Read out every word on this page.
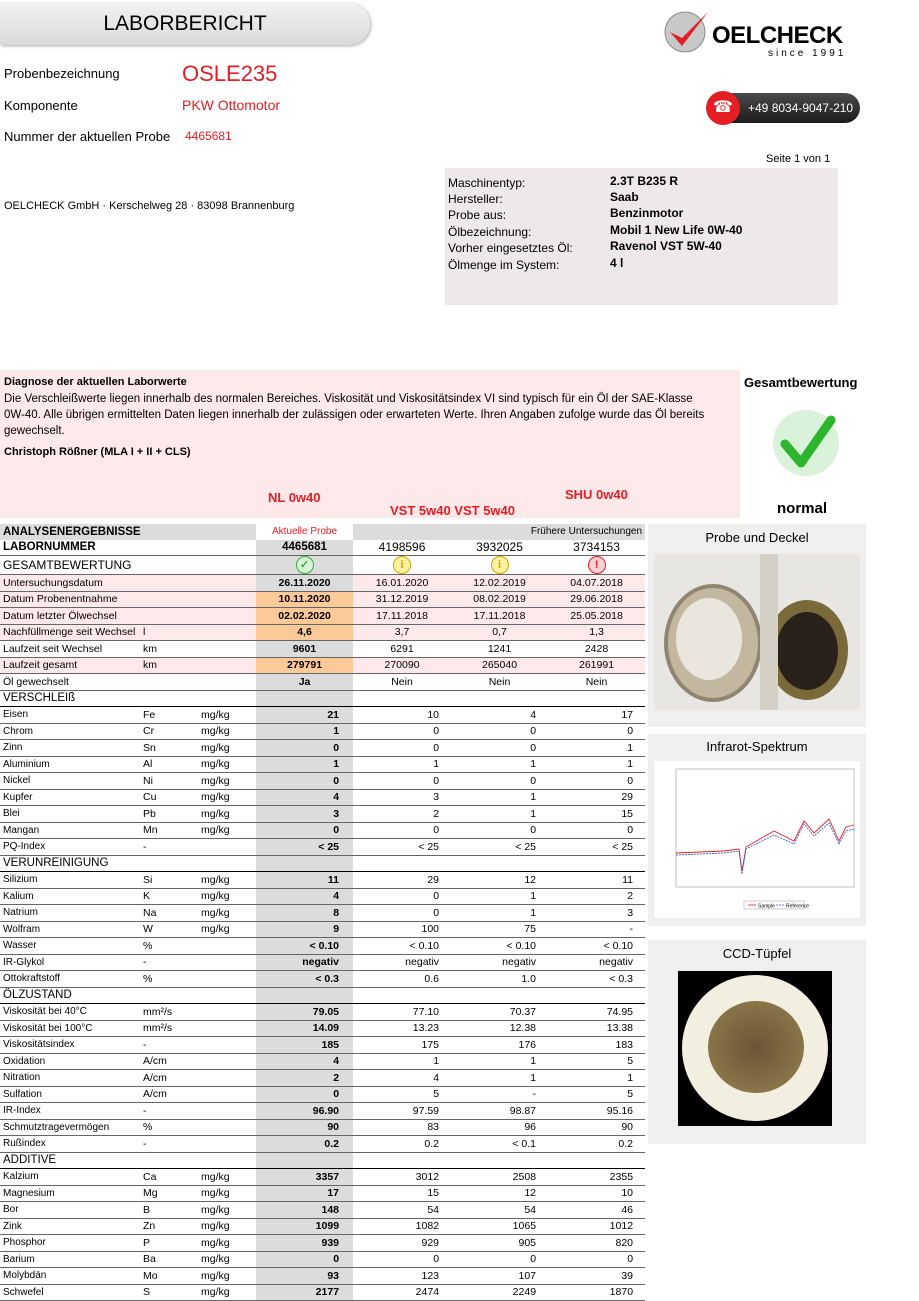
LABORBERICHT	OELCHECK
since 1991
☎	+49 8034-9047-210
Probenbezeichnung	OSLE235
Komponente	PKW Ottomotor
Nummer der aktuellen Probe 4465681
Seite 1 von 1
OELCHECK GmbH · Kerschelweg 28 · 83098 Brannenburg
Maschinentyp:	2.3T B235 R
Hersteller:	Saab
Probe aus:	Benzinmotor
Ölbezeichnung:	Mobil 1 New Life 0W-40
Vorher eingesetztes Öl:	Ravenol VST 5W-40
Ölmenge im System:	4 l
Diagnose der aktuellen Laborwerte
Die Verschleißwerte liegen innerhalb des normalen Bereiches. Viskosität und Viskositätsindex VI sind typisch für ein Öl der SAE-Klasse 0W-40. Alle übrigen ermittelten Daten liegen innerhalb der zulässigen oder erwarteten Werte. Ihren Angaben zufolge wurde das Öl bereits gewechselt.
Christoph Rößner (MLA I + II + CLS)
NL 0w40
VST 5w40 VST 5w40
SHU 0w40
Gesamtbewertung
normal
ANALYSENERGEBNISSE			Aktuelle Probe	Frühere Untersuchungen		
LABORNUMMER			4465681	4198596	3932025	3734153
GESAMTBEWERTUNG			✓	i	i	!
Untersuchungsdatum			26.11.2020	16.01.2020	12.02.2019	04.07.2018
Datum Probenentnahme			10.11.2020	31.12.2019	08.02.2019	29.06.2018
Datum letzter Ölwechsel			02.02.2020	17.11.2018	17.11.2018	25.05.2018
Nachfüllmenge seit Wechsel	l		4,6	3,7	0,7	1,3
Laufzeit seit Wechsel	km		9601	6291	1241	2428
Laufzeit gesamt	km		279791	270090	265040	261991
Öl gewechselt			Ja	Nein	Nein	Nein
VERSCHLEIß						
Eisen	Fe	mg/kg	21	10	4	17
Chrom	Cr	mg/kg	1	0	0	0
Zinn	Sn	mg/kg	0	0	0	1
Aluminium	Al	mg/kg	1	1	1	1
Nickel	Ni	mg/kg	0	0	0	0
Kupfer	Cu	mg/kg	4	3	1	29
Blei	Pb	mg/kg	3	2	1	15
Mangan	Mn	mg/kg	0	0	0	0
PQ-Index	-		< 25	< 25	< 25	< 25
VERUNREINIGUNG						
Silizium	Si	mg/kg	11	29	12	11
Kalium	K	mg/kg	4	0	1	2
Natrium	Na	mg/kg	8	0	1	3
Wolfram	W	mg/kg	9	100	75	-
Wasser	%		< 0.10	< 0.10	< 0.10	< 0.10
IR-Glykol	-		negativ	negativ	negativ	negativ
Ottokraftstoff	%		< 0.3	0.6	1.0	< 0.3
ÖLZUSTAND						
Viskosität bei 40°C	mm²/s		79.05	77.10	70.37	74.95
Viskosität bei 100°C	mm²/s		14.09	13.23	12.38	13.38
Viskositätsindex	-		185	175	176	183
Oxidation	A/cm		4	1	1	5
Nitration	A/cm		2	4	1	1
Sulfation	A/cm		0	5	-	5
IR-Index	-		96.90	97.59	98.87	95.16
Schmutztragevermögen	%		90	83	96	90
Rußindex	-		0.2	0.2	< 0.1	0.2
ADDITIVE						
Kalzium	Ca	mg/kg	3357	3012	2508	2355
Magnesium	Mg	mg/kg	17	15	12	10
Bor	B	mg/kg	148	54	54	46
Zink	Zn	mg/kg	1099	1082	1065	1012
Phosphor	P	mg/kg	939	929	905	820
Barium	Ba	mg/kg	0	0	0	0
Molybdän	Mo	mg/kg	93	123	107	39
Schwefel	S	mg/kg	2177	2474	2249	1870
Probe und Deckel
Infrarot-Spektrum
Sample Reference
CCD-Tüpfel
